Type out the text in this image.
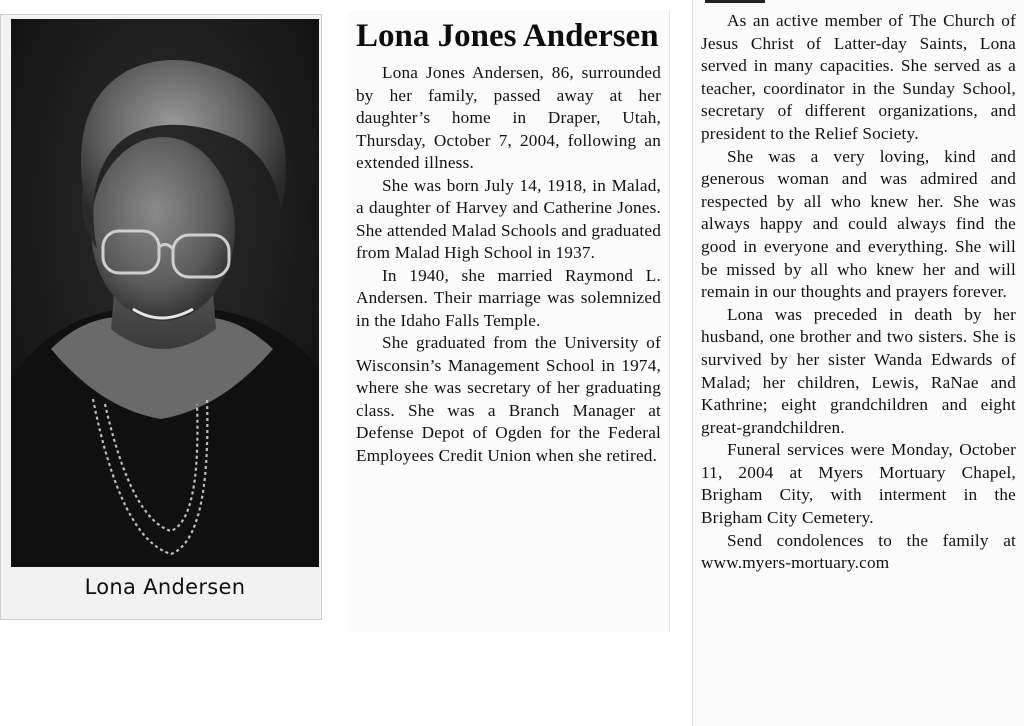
Lona Andersen
Lona Jones Andersen

Lona Jones Andersen, 86, surrounded by her family, passed away at her daughter’s home in Draper, Utah, Thursday, October 7, 2004, following an extended illness.

She was born July 14, 1918, in Malad, a daughter of Harvey and Catherine Jones. She attended Malad Schools and graduated from Malad High School in 1937.

In 1940, she married Raymond L. Andersen. Their marriage was solemnized in the Idaho Falls Temple.

She graduated from the University of Wisconsin’s Management School in 1974, where she was secretary of her graduating class. She was a Branch Manager at Defense Depot of Ogden for the Federal Employees Credit Union when she retired.

As an active member of The Church of Jesus Christ of Latter-day Saints, Lona served in many capacities. She served as a teacher, coordinator in the Sunday School, secretary of different organizations, and president to the Relief Society.

She was a very loving, kind and generous woman and was admired and respected by all who knew her. She was always happy and could always find the good in everyone and everything. She will be missed by all who knew her and will remain in our thoughts and prayers forever.

Lona was preceded in death by her husband, one brother and two sisters. She is survived by her sister Wanda Edwards of Malad; her children, Lewis, RaNae and Kathrine; eight grandchildren and eight great-grandchildren.

Funeral services were Monday, October 11, 2004 at Myers Mortuary Chapel, Brigham City, with interment in the Brigham City Cemetery.

Send condolences to the family at www.myers-mortuary.com
